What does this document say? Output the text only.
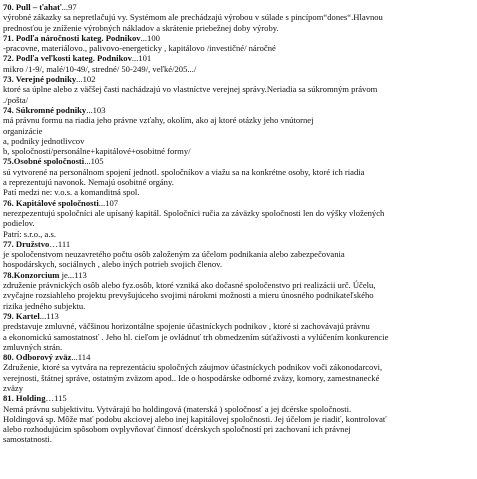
70. Pull – ťahať...97
výrobné zákazky sa nepretlačujú vy. Systémom ale prechádzajú výrobou v súlade s pincípom“dones“.Hlavnou
prednosťou je zníženie výrobných nákladov a skrátenie priebežnej doby výroby.
71. Podľa náročnosti kateg. Podnikov...100
-pracovne, materiálovo., palivovo-energeticky , kapitálovo /investičné/ náročné
72. Podľa veľkosti kateg. Podnikov...101
mikro /1-9/, malé/10-49/, stredné/ 50-249/, veľké/205.../
73. Verejné podniky...102
ktoré sa úplne alebo z väčšej časti nachádzajú vo vlastníctve verejnej správy.Neriadia sa súkromným právom
./pošta/
74. Súkromné podniky...103
má právnu formu na riadia jeho právne vzťahy, okolím, ako aj ktoré otázky jeho vnútornej
organizácie
a, podniky jednotlivcov
b, spoločnosti/personálne+kapitálové+osobitné formy/
75.Osobné spoločnosti...105
sú vytvorené na personálnom spojení jednotl. spoločníkov a viažu sa na konkrétne osoby, ktoré ich riadia
a reprezentujú navonok. Nemajú osobitné orgány.
Patí medzi ne: v.o.s. a komanditná spol.
76. Kapitálové spoločnosti...107
nerezpezentujú spoločníci ale upísaný kapitál. Spoločníci ručia za záväzky spoločnosti len do výšky vložených
podielov.
Patrí: s.r.o., a.s.
77. Družstvo…111
je spoločenstvom neuzavretého počtu osôb založeným za účelom podnikania alebo zabezpečovania
hospodárskych, sociálnych , alebo iných potrieb svojich členov.
78.Konzorcium je...113
združenie právnických osôb alebo fyz.osôb, ktoré vzniká ako dočasné spoločenstvo pri realizácii urč. Účelu,
zvyčajne rozsiahleho projektu prevyšujúceho svojimi nárokmi možnosti a mieru únosného podnikateľského
rizika jedného subjektu.
79. Kartel...113
predstavuje zmluvné, väčšinou horizontálne spojenie účastníckych podnikov , ktoré si zachovávajú právnu
a ekonomickú samostatnosť . Jeho hl. cieľom je ovládnuť trh obmedzením súťaživosti a vylúčením konkurencie
zmluvných strán.
80. Odborový zväz...114
Združenie, ktoré sa vytvára na reprezentáciu spoločných záujmov účastníckych podnikov voči zákonodarcovi,
verejnosti, štátnej správe, ostatným zväzom apod.. Ide o hospodárske odborné zväzy, komory, zamestnanecké
zväzy
81. Holding…115
Nemá právnu subjektivitu. Vytvárajú ho holdingová (materská ) spoločnosť a jej dcérske spoločnosti.
Holdingová sp. Môže mať podobu akciovej alebo inej kapitálovej spoločnosti. Jej účelom je riadiť, kontrolovať
alebo rozhodujúcim spôsobom ovplyvňovať činnosť dcérskych spoločností pri zachovaní ich právnej
samostatnosti.
